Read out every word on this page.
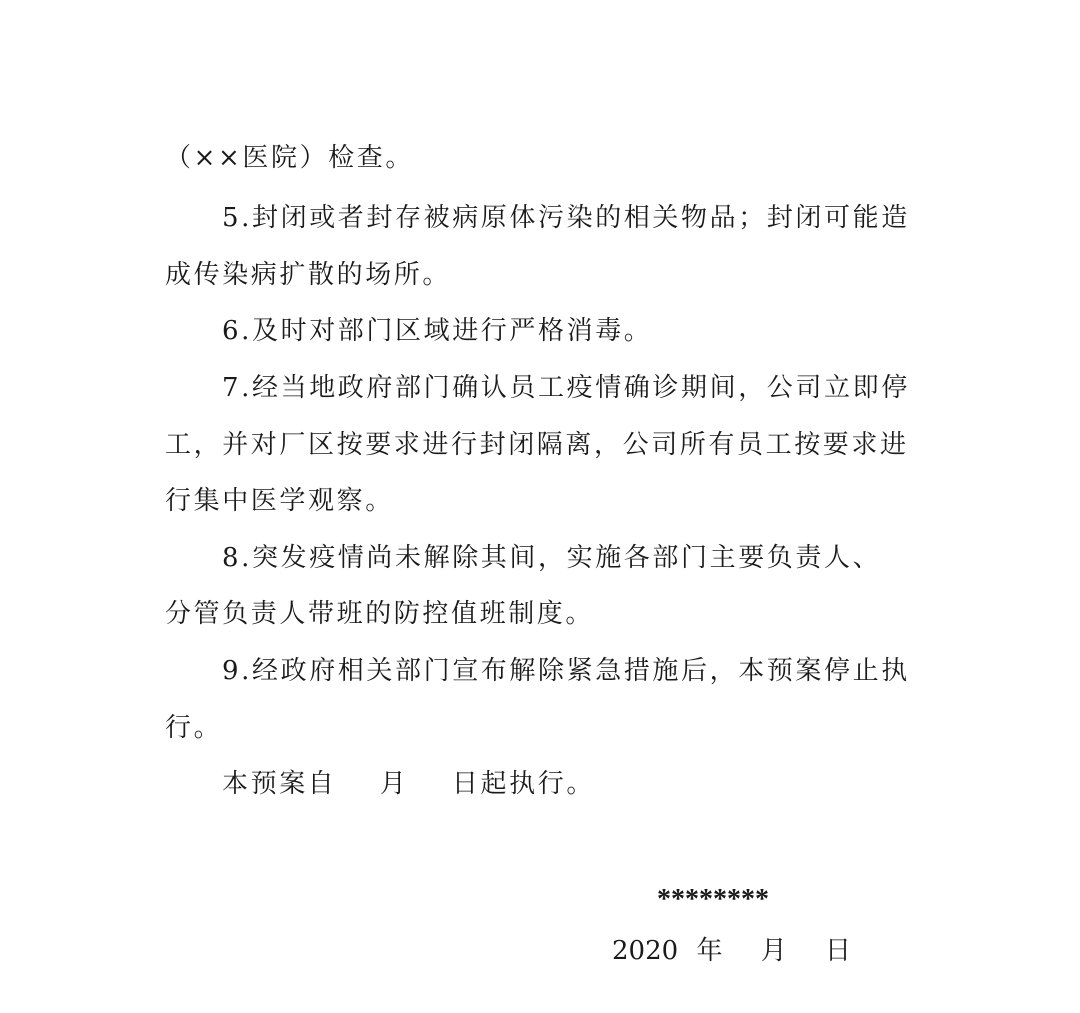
（××医院）检查。
5.封闭或者封存被病原体污染的相关物品；封闭可能造
成传染病扩散的场所。
6.及时对部门区域进行严格消毒。
7.经当地政府部门确认员工疫情确诊期间，公司立即停
工，并对厂区按要求进行封闭隔离，公司所有员工按要求进
行集中医学观察。
8.突发疫情尚未解除其间，实施各部门主要负责人、
分管负责人带班的防控值班制度。
9.经政府相关部门宣布解除紧急措施后，本预案停止执
行。
本预案自    月    日起执行。
********
2020 年 月 日
